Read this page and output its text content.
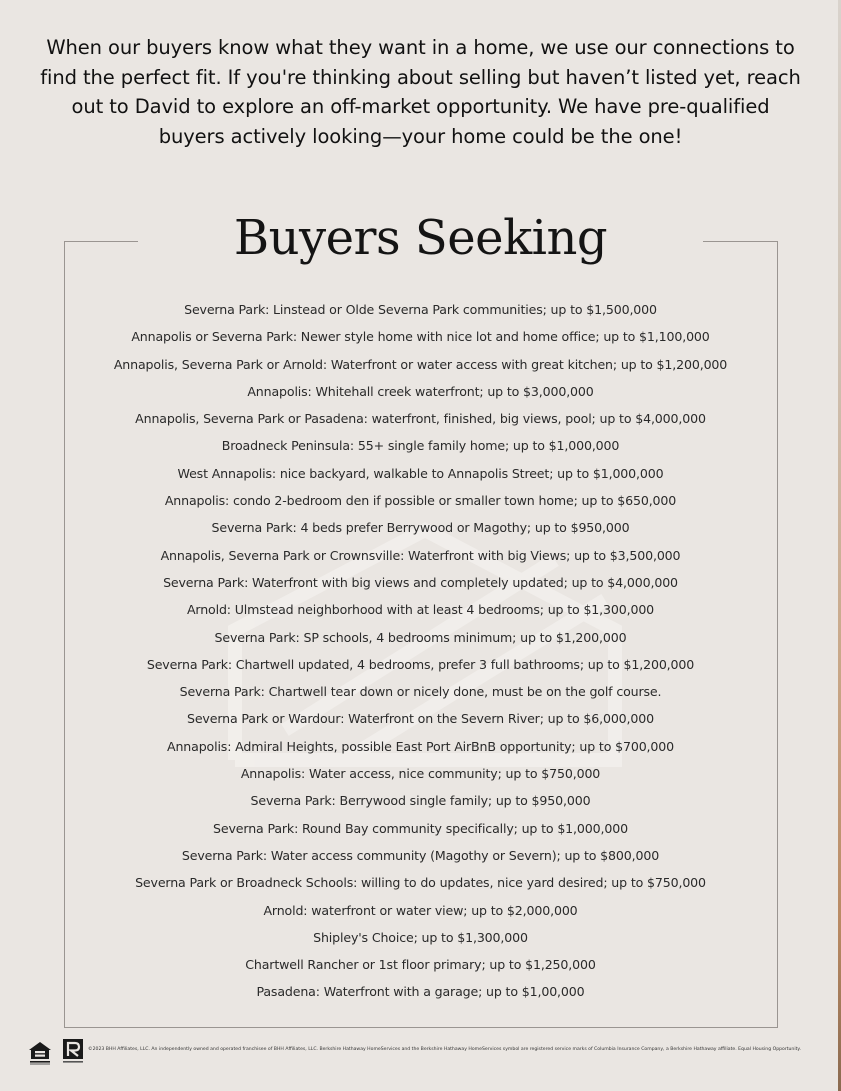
When our buyers know what they want in a home, we use our connections to find the perfect fit. If you're thinking about selling but haven’t listed yet, reach out to David to explore an off-market opportunity. We have pre-qualified buyers actively looking—your home could be the one!

Buyers Seeking
Severna Park: Linstead or Olde Severna Park communities; up to $1,500,000
Annapolis or Severna Park: Newer style home with nice lot and home office; up to $1,100,000
Annapolis, Severna Park or Arnold: Waterfront or water access with great kitchen; up to $1,200,000
Annapolis: Whitehall creek waterfront; up to $3,000,000
Annapolis, Severna Park or Pasadena: waterfront, finished, big views, pool; up to $4,000,000
Broadneck Peninsula: 55+ single family home; up to $1,000,000
West Annapolis: nice backyard, walkable to Annapolis Street; up to $1,000,000
Annapolis: condo 2-bedroom den if possible or smaller town home; up to $650,000
Severna Park: 4 beds prefer Berrywood or Magothy; up to $950,000
Annapolis, Severna Park or Crownsville: Waterfront with big Views; up to $3,500,000
Severna Park: Waterfront with big views and completely updated; up to $4,000,000
Arnold: Ulmstead neighborhood with at least 4 bedrooms; up to $1,300,000
Severna Park: SP schools, 4 bedrooms minimum; up to $1,200,000
Severna Park: Chartwell updated, 4 bedrooms, prefer 3 full bathrooms; up to $1,200,000
Severna Park: Chartwell tear down or nicely done, must be on the golf course.
Severna Park or Wardour: Waterfront on the Severn River; up to $6,000,000
Annapolis: Admiral Heights, possible East Port AirBnB opportunity; up to $700,000
Annapolis: Water access, nice community; up to $750,000
Severna Park: Berrywood single family; up to $950,000
Severna Park: Round Bay community specifically; up to $1,000,000
Severna Park: Water access community (Magothy or Severn); up to $800,000
Severna Park or Broadneck Schools: willing to do updates, nice yard desired; up to $750,000
Arnold: waterfront or water view; up to $2,000,000
Shipley's Choice; up to $1,300,000
Chartwell Rancher or 1st floor primary; up to $1,250,000
Pasadena: Waterfront with a garage; up to $1,00,000
©2023 BHH Affiliates, LLC. An independently owned and operated franchisee of BHH Affiliates, LLC. Berkshire Hathaway HomeServices and the Berkshire Hathaway HomeServices symbol are registered service marks of Columbia Insurance Company, a Berkshire Hathaway affiliate. Equal Housing Opportunity.
